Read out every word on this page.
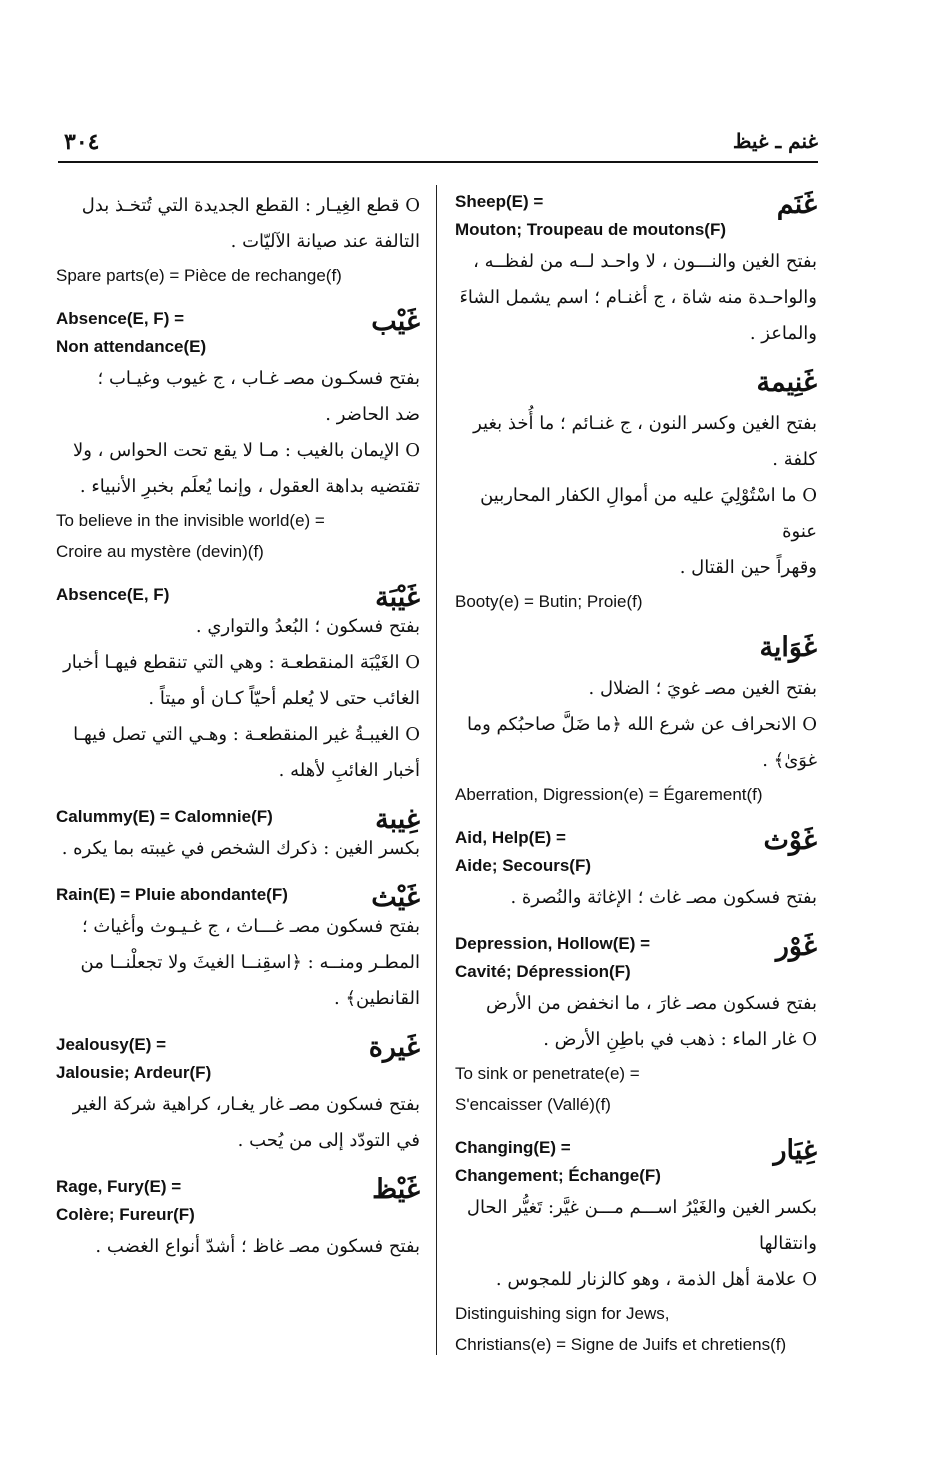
٣٠٤	غنم ـ غيظ
غَنَم
Sheep(E) =
Mouton; Troupeau de moutons(F)
بفتح الغين والنـــون ، لا واحـد لــه من لفظــه ،
والواحـدة منه شاة ، ج أغنـام ؛ اسم يشمل الشاءَ
والماعز .
غَنِيمة
بفتح الغين وكسر النون ، ج غنـائم ؛ ما أُخذ بغير
كلفة .
O ما اسْتُوْلِيَ عليه من أموالِ الكفار المحاربين عنوة
وقهراً حين القتال .
Booty(e) = Butin; Proie(f)
غَوَاية
بفتح الغين مصـ غويَ ؛ الضلال .
O الانحراف عن شرع الله ﴿ما ضَلَّ صاحبُكم وما
غوَىٰ﴾ .
Aberration, Digression(e) = Égarement(f)
غَوْث
Aid, Help(E) =
Aide; Secours(F)
بفتح فسكون مصـ غاث ؛ الإغاثة والنُصرة .
غَوْر
Depression, Hollow(E) =
Cavité; Dépression(F)
بفتح فسكون مصـ غارَ ، ما انخفض من الأرض
O غار الماء : ذهب في باطِنِ الأرض .
To sink or penetrate(e) =
S'encaisser (Vallé)(f)
غِيَار
Changing(E) =
Changement; Échange(F)
بكسر الغين والغَيْرُ اســـم مـــن غيَّر: تَغيُّر الحال
وانتقالها
O علامة أهل الذمة ، وهو كالزنار للمجوس .
Distinguishing sign for Jews,
Christians(e) = Signe de Juifs et chretiens(f)
O قطع الغِيـار : القطع الجديدة التي تُتخـذ بدل
التالفة عند صيانة الآليّات .
Spare parts(e) = Pièce de rechange(f)
غَيْب
Absence(E, F) =
Non attendance(E)
بفتح فسكـون مصـ غـاب ، ج غيوب وغيـاب ؛
ضد الحاضر .
O الإيمان بالغيب : مـا لا يقع تحت الحواس ، ولا
تقتضيه بداهة العقول ، وإنما يُعلَم بخبرِ الأنبياء .
To believe in the invisible world(e) =
Croire au mystère (devin)(f)
غَيْبَة
Absence(E, F)
بفتح فسكون ؛ البُعدُ والتواري .
O الغَيْبَة المنقطعـة : وهي التي تنقطع فيهـا أخبار
الغائب حتى لا يُعلم أحيّاً كـان أو ميتاً .
O الغيبـةُ غير المنقطعـة : وهـي التي تصل فيهـا
أخبار الغائبِ لأهله .
غِيبة
Calummy(E) = Calomnie(F)
بكسر الغين : ذكرك الشخص في غيبته بما يكره .
غَيْث
Rain(E) = Pluie abondante(F)
بفتح فسكون مصـ غـــاث ، ج غـيـوث وأغياث ؛
المطـر ومنــه : ﴿اسقِنــا الغيثَ ولا تجعلْنــا من
القانطين﴾ .
غَيرة
Jealousy(E) =
Jalousie; Ardeur(F)
بفتح فسكون مصـ غار يغـار، كراهية شركة الغير
في التودّد إلى من يُحب .
غَيْظ
Rage, Fury(E) =
Colère; Fureur(F)
بفتح فسكون مصـ غاظ ؛ أشدّ أنواع الغضب .
